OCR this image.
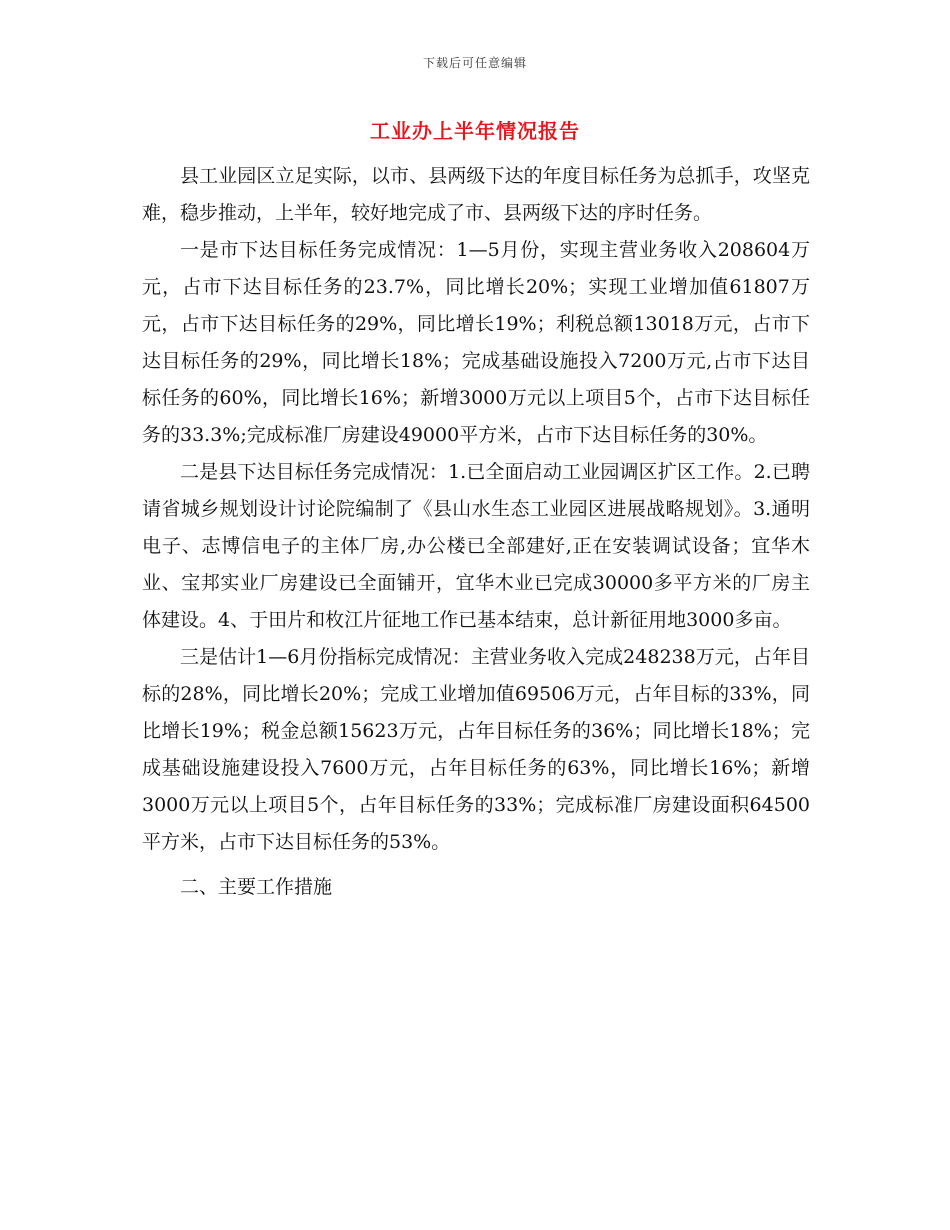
下载后可任意编辑
工业办上半年情况报告

县工业园区立足实际，以市、县两级下达的年度目标任务为总抓手，攻坚克难，稳步推动，上半年，较好地完成了市、县两级下达的序时任务。

一是市下达目标任务完成情况：1—5月份，实现主营业务收入208604万元，占市下达目标任务的23.7%，同比增长20%；实现工业增加值61807万元，占市下达目标任务的29%，同比增长19%；利税总额13018万元，占市下达目标任务的29%，同比增长18%；完成基础设施投入7200万元,占市下达目标任务的60%，同比增长16%；新增3000万元以上项目5个，占市下达目标任务的33.3%;完成标准厂房建设49000平方米，占市下达目标任务的30%。

二是县下达目标任务完成情况：1.已全面启动工业园调区扩区工作。2.已聘请省城乡规划设计讨论院编制了《县山水生态工业园区进展战略规划》。3.通明电子、志博信电子的主体厂房,办公楼已全部建好,正在安装调试设备；宜华木业、宝邦实业厂房建设已全面铺开，宜华木业已完成30000多平方米的厂房主体建设。4、于田片和枚江片征地工作已基本结束，总计新征用地3000多亩。

三是估计1—6月份指标完成情况：主营业务收入完成248238万元，占年目标的28%，同比增长20%；完成工业增加值69506万元，占年目标的33%，同比增长19%；税金总额15623万元，占年目标任务的36%；同比增长18%；完成基础设施建设投入7600万元，占年目标任务的63%，同比增长16%；新增3000万元以上项目5个，占年目标任务的33%；完成标准厂房建设面积64500平方米，占市下达目标任务的53%。

二、主要工作措施
